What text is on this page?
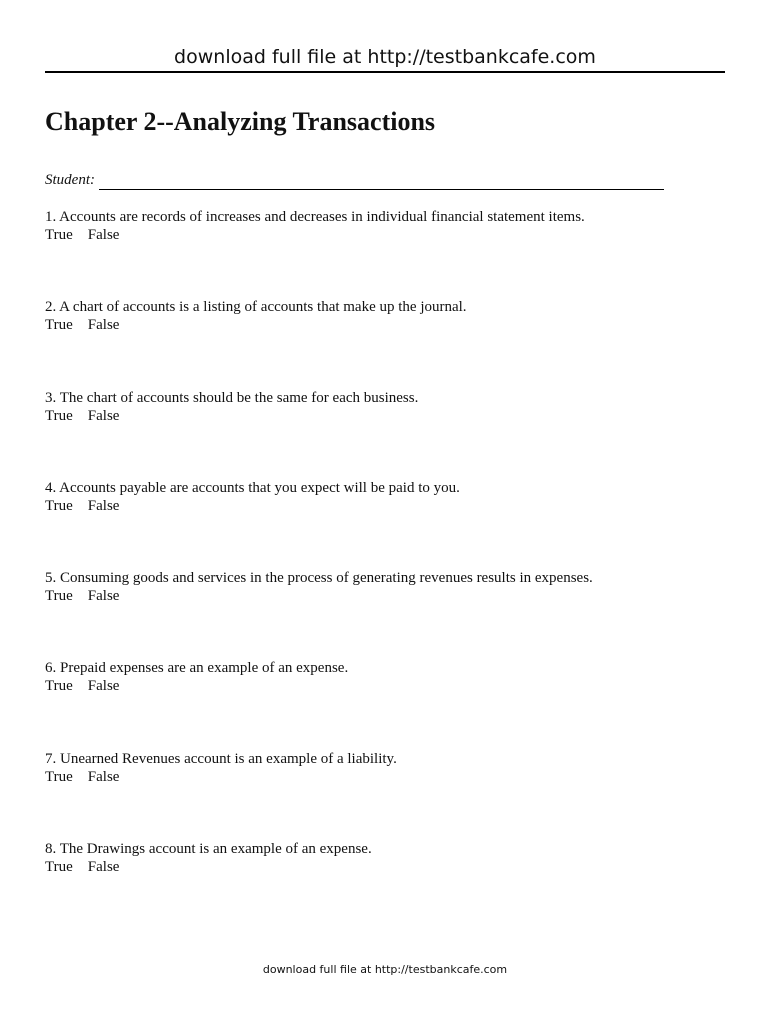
download full file at http://testbankcafe.com
Chapter 2--Analyzing Transactions
Student:
1. Accounts are records of increases and decreases in individual financial statement items.
True False
2. A chart of accounts is a listing of accounts that make up the journal.
True False
3. The chart of accounts should be the same for each business.
True False
4. Accounts payable are accounts that you expect will be paid to you.
True False
5. Consuming goods and services in the process of generating revenues results in expenses.
True False
6. Prepaid expenses are an example of an expense.
True False
7. Unearned Revenues account is an example of a liability.
True False
8. The Drawings account is an example of an expense.
True False
download full file at http://testbankcafe.com
